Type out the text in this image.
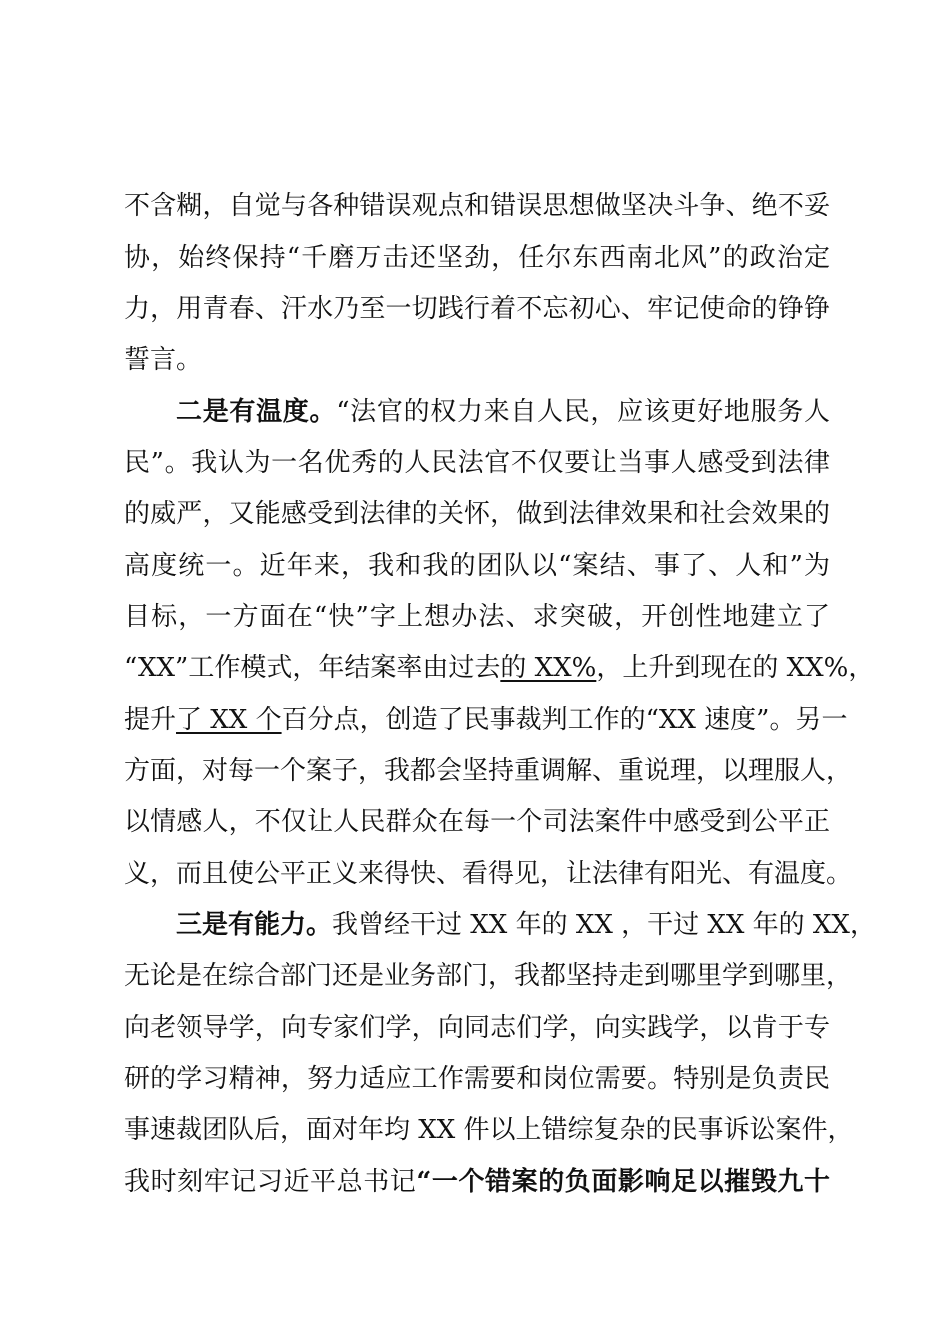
不含糊，自觉与各种错误观点和错误思想做坚决斗争、绝不妥
协，始终保持“千磨万击还坚劲，任尔东西南北风”的政治定
力，用青春、汗水乃至一切践行着不忘初心、牢记使命的铮铮
誓言。
二是有温度。“法官的权力来自人民，应该更好地服务人
民”。我认为一名优秀的人民法官不仅要让当事人感受到法律
的威严，又能感受到法律的关怀，做到法律效果和社会效果的
高度统一。近年来，我和我的团队以“案结、事了、人和”为
目标，一方面在“快”字上想办法、求突破，开创性地建立了
“XX”工作模式，年结案率由过去的 XX%，上升到现在的 XX%，
提升了 XX 个百分点，创造了民事裁判工作的“XX 速度”。另一
方面，对每一个案子，我都会坚持重调解、重说理，以理服人，
以情感人，不仅让人民群众在每一个司法案件中感受到公平正
义，而且使公平正义来得快、看得见，让法律有阳光、有温度。
三是有能力。我曾经干过 XX 年的 XX ，干过 XX 年的 XX，
无论是在综合部门还是业务部门，我都坚持走到哪里学到哪里，
向老领导学，向专家们学，向同志们学，向实践学，以肯于专
研的学习精神，努力适应工作需要和岗位需要。特别是负责民
事速裁团队后，面对年均 XX 件以上错综复杂的民事诉讼案件，
我时刻牢记习近平总书记“一个错案的负面影响足以摧毁九十
